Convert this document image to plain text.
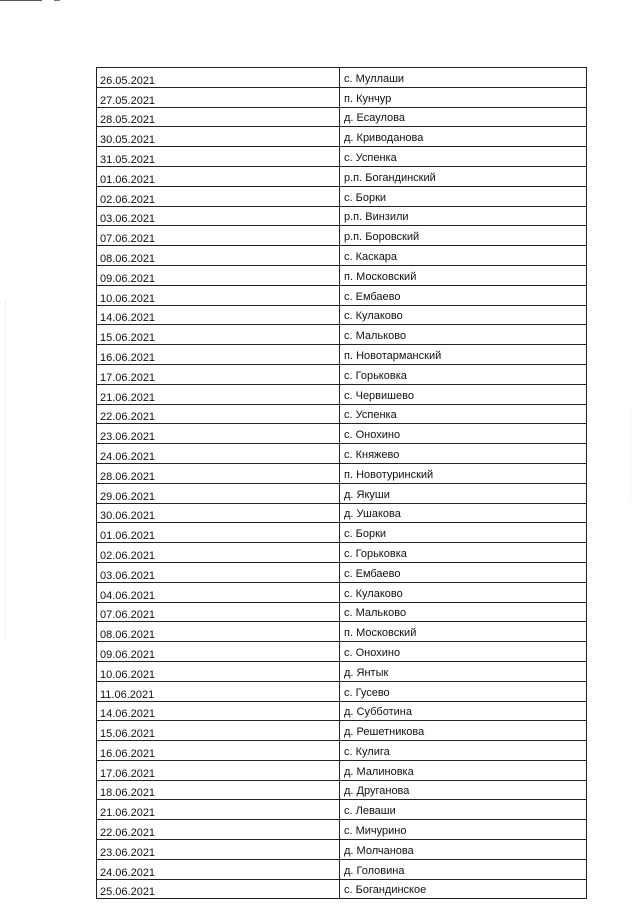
26.05.2021	с. Муллаши
27.05.2021	п. Кунчур
28.05.2021	д. Есаулова
30.05.2021	д. Криводанова
31.05.2021	с. Успенка
01.06.2021	р.п. Богандинский
02.06.2021	с. Борки
03.06.2021	р.п. Винзили
07.06.2021	р.п. Боровский
08.06.2021	с. Каскара
09.06.2021	п. Московский
10.06.2021	с. Ембаево
14.06.2021	с. Кулаково
15.06.2021	с. Мальково
16.06.2021	п. Новотарманский
17.06.2021	с. Горьковка
21.06.2021	с. Червишево
22.06.2021	с. Успенка
23.06.2021	с. Онохино
24.06.2021	с. Княжево
28.06.2021	п. Новотуринский
29.06.2021	д. Якуши
30.06.2021	д. Ушакова
01.06.2021	с. Борки
02.06.2021	с. Горьковка
03.06.2021	с. Ембаево
04.06.2021	с. Кулаково
07.06.2021	с. Мальково
08.06.2021	п. Московский
09.06.2021	с. Онохино
10.06.2021	д. Янтык
11.06.2021	с. Гусево
14.06.2021	д. Субботина
15.06.2021	д. Решетникова
16.06.2021	с. Кулига
17.06.2021	д. Малиновка
18.06.2021	д. Друганова
21.06.2021	с. Леваши
22.06.2021	с. Мичурино
23.06.2021	д. Молчанова
24.06.2021	д. Головина
25.06.2021	с. Богандинское
